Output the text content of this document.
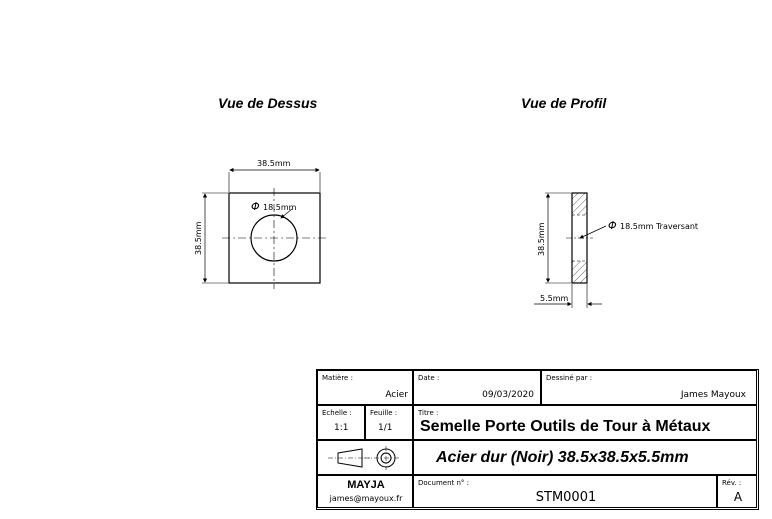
Vue de Dessus	Vue de Profil
38.5mm
38.5mm
Φ 18.5mm
38.5mm
5.5mm
Φ 18.5mm Traversant
Matière :
Acier
Date :
09/03/2020
Dessiné par :
James Mayoux
Echelle :
1:1
Feuille :
1/1
Titre :
Semelle Porte Outils de Tour à Métaux
Acier dur (Noir) 38.5x38.5x5.5mm
MAYJA
james@mayoux.fr
Document n° :
STM0001
Rév. :
A
